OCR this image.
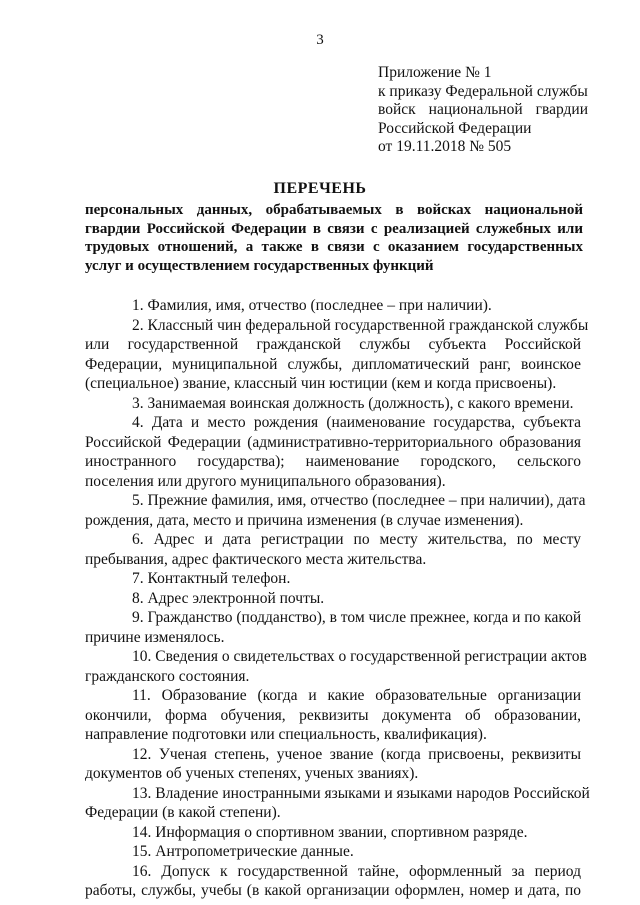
3
Приложение № 1
к приказу Федеральной службы
войск национальной гвардии
Российской Федерации
от 19.11.2018 № 505
ПЕРЕЧЕНЬ
персональных данных, обрабатываемых в войсках национальной
гвардии Российской Федерации в связи с реализацией служебных или
трудовых отношений, а также в связи с оказанием государственных
услуг и осуществлением государственных функций
1. Фамилия, имя, отчество (последнее – при наличии).
2. Классный чин федеральной государственной гражданской службы
или государственной гражданской службы субъекта Российской
Федерации, муниципальной службы, дипломатический ранг, воинское
(специальное) звание, классный чин юстиции (кем и когда присвоены).
3. Занимаемая воинская должность (должность), с какого времени.
4. Дата и место рождения (наименование государства, субъекта
Российской Федерации (административно-территориального образования
иностранного государства); наименование городского, сельского
поселения или другого муниципального образования).
5. Прежние фамилия, имя, отчество (последнее – при наличии), дата
рождения, дата, место и причина изменения (в случае изменения).
6. Адрес и дата регистрации по месту жительства, по месту
пребывания, адрес фактического места жительства.
7. Контактный телефон.
8. Адрес электронной почты.
9. Гражданство (подданство), в том числе прежнее, когда и по какой
причине изменялось.
10. Сведения о свидетельствах о государственной регистрации актов
гражданского состояния.
11. Образование (когда и какие образовательные организации
окончили, форма обучения, реквизиты документа об образовании,
направление подготовки или специальность, квалификация).
12. Ученая степень, ученое звание (когда присвоены, реквизиты
документов об ученых степенях, ученых званиях).
13. Владение иностранными языками и языками народов Российской
Федерации (в какой степени).
14. Информация о спортивном звании, спортивном разряде.
15. Антропометрические данные.
16. Допуск к государственной тайне, оформленный за период
работы, службы, учебы (в какой организации оформлен, номер и дата, по
